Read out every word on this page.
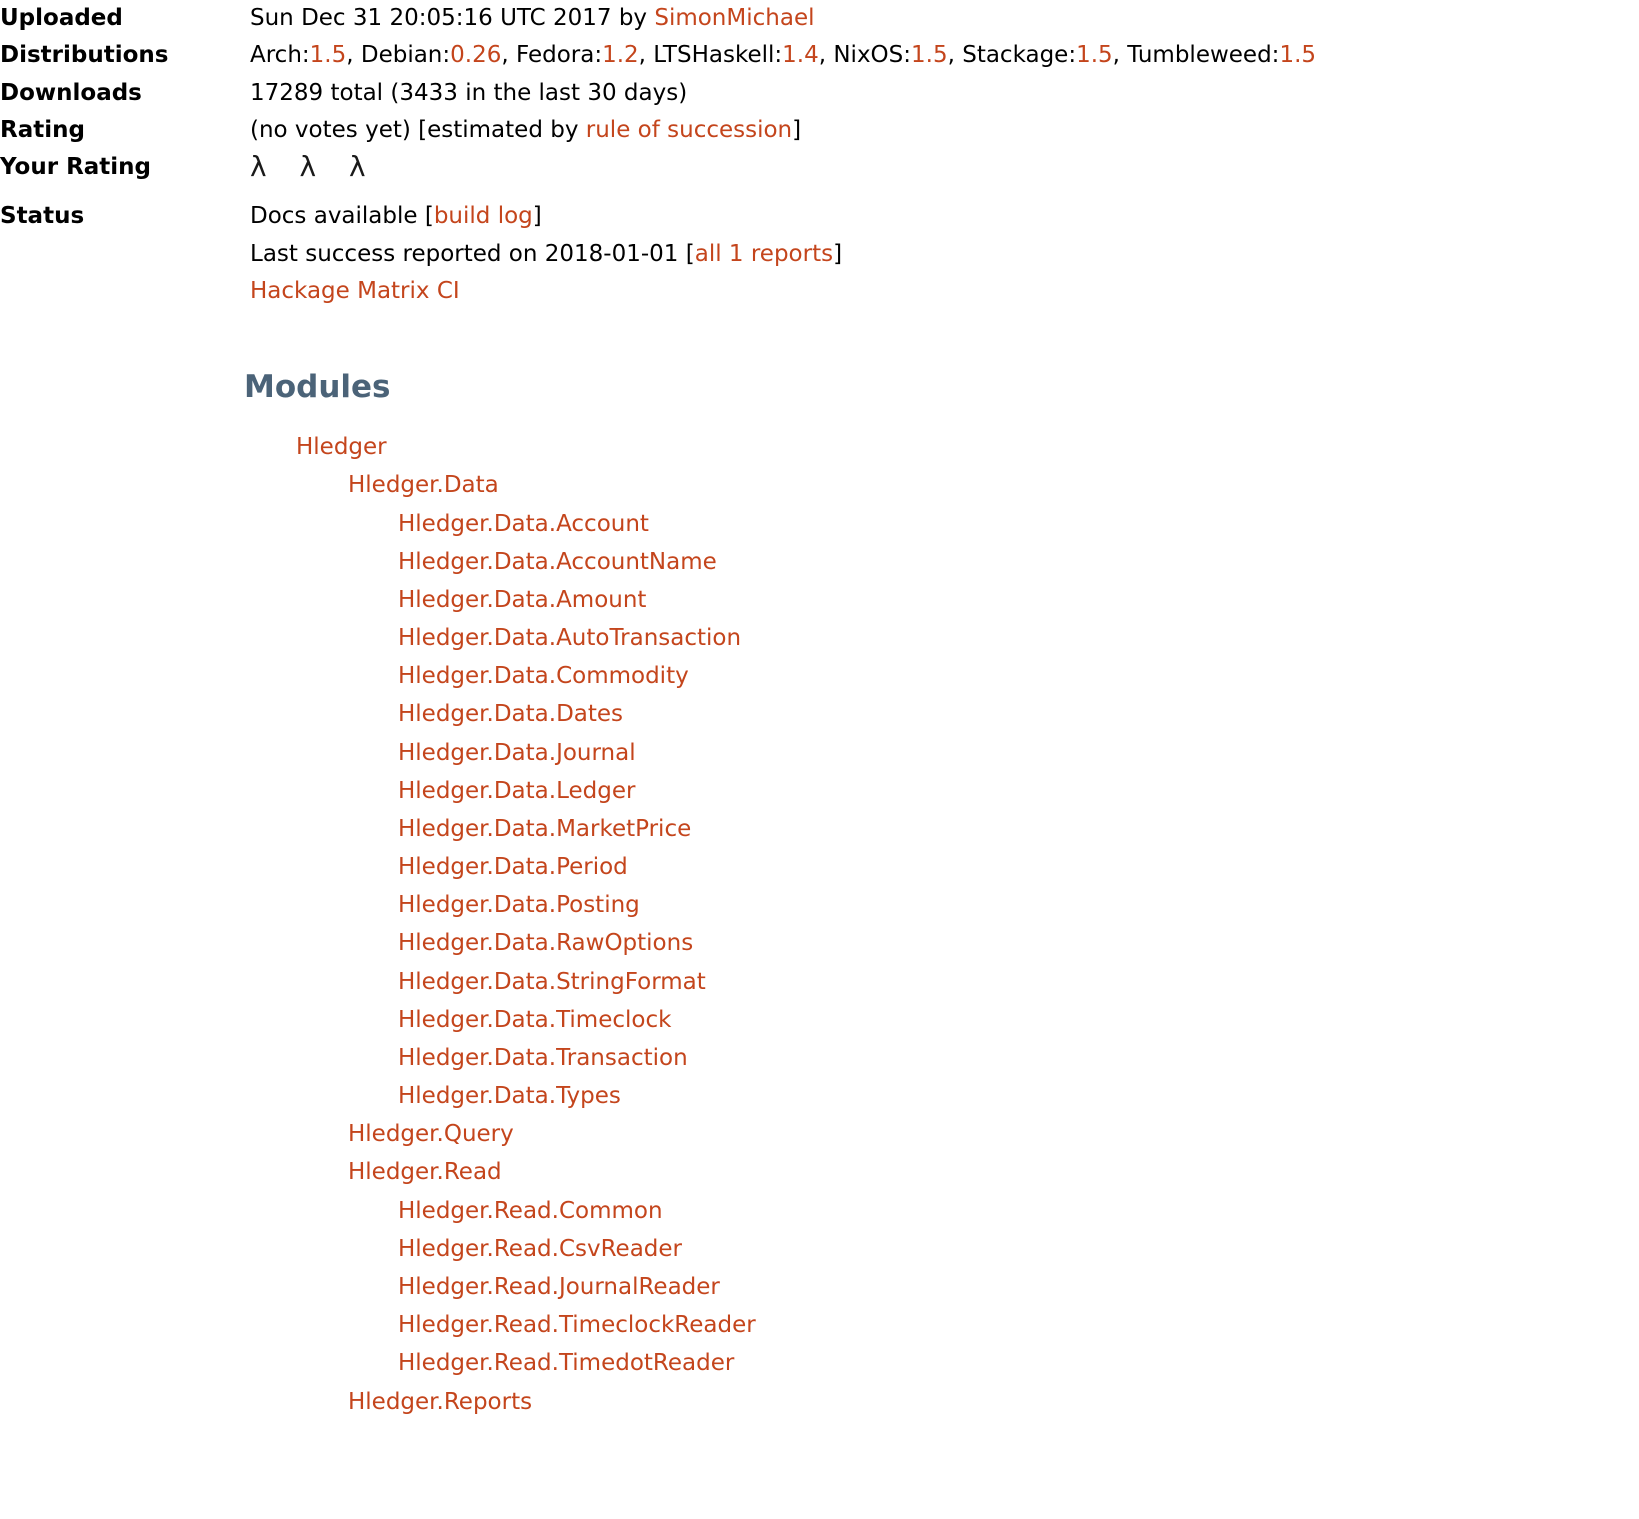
Uploaded	Sun Dec 31 20:05:16 UTC 2017 by SimonMichael
Distributions	Arch:1.5, Debian:0.26, Fedora:1.2, LTSHaskell:1.4, NixOS:1.5, Stackage:1.5, Tumbleweed:1.5
Downloads	17289 total (3433 in the last 30 days)
Rating	(no votes yet) [estimated by rule of succession]
Your Rating	λ λ λ
Status	Docs available [build log]
Last success reported on 2018-01-01 [all 1 reports]
Hackage Matrix CI
Modules
Hledger
Hledger.Data
Hledger.Data.Account
Hledger.Data.AccountName
Hledger.Data.Amount
Hledger.Data.AutoTransaction
Hledger.Data.Commodity
Hledger.Data.Dates
Hledger.Data.Journal
Hledger.Data.Ledger
Hledger.Data.MarketPrice
Hledger.Data.Period
Hledger.Data.Posting
Hledger.Data.RawOptions
Hledger.Data.StringFormat
Hledger.Data.Timeclock
Hledger.Data.Transaction
Hledger.Data.Types
Hledger.Query
Hledger.Read
Hledger.Read.Common
Hledger.Read.CsvReader
Hledger.Read.JournalReader
Hledger.Read.TimeclockReader
Hledger.Read.TimedotReader
Hledger.Reports
